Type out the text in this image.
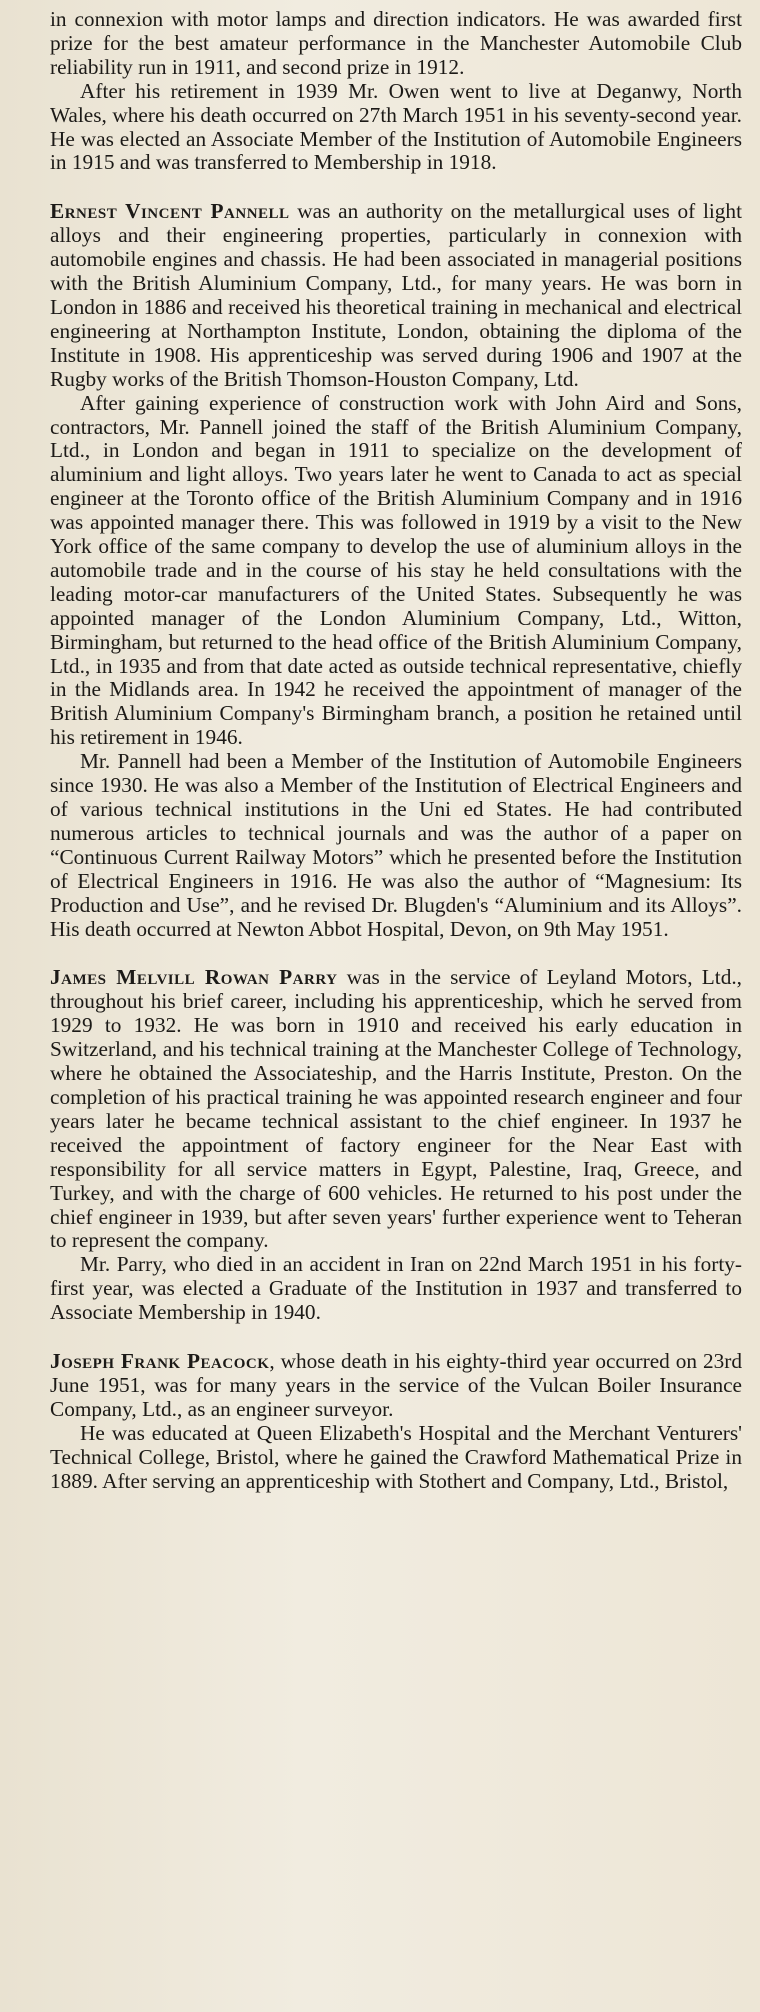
in connexion with motor lamps and direction indicators. He was awarded first prize for the best amateur performance in the Manchester Automobile Club reliability run in 1911, and second prize in 1912.

After his retirement in 1939 Mr. Owen went to live at Deganwy, North Wales, where his death occurred on 27th March 1951 in his seventy-second year. He was elected an Associate Member of the Institution of Automobile Engineers in 1915 and was transferred to Membership in 1918.

Ernest Vincent Pannell was an authority on the metallurgical uses of light alloys and their engineering properties, particularly in connexion with automobile engines and chassis. He had been associated in managerial positions with the British Aluminium Company, Ltd., for many years. He was born in London in 1886 and received his theoretical training in mechanical and electrical engineering at Northampton Institute, London, obtaining the diploma of the Institute in 1908. His apprenticeship was served during 1906 and 1907 at the Rugby works of the British Thomson-Houston Company, Ltd.

After gaining experience of construction work with John Aird and Sons, contractors, Mr. Pannell joined the staff of the British Aluminium Company, Ltd., in London and began in 1911 to specialize on the development of aluminium and light alloys. Two years later he went to Canada to act as special engineer at the Toronto office of the British Aluminium Company and in 1916 was appointed manager there. This was followed in 1919 by a visit to the New York office of the same company to develop the use of aluminium alloys in the automobile trade and in the course of his stay he held consultations with the leading motor-car manufacturers of the United States. Subsequently he was appointed manager of the London Aluminium Company, Ltd., Witton, Birmingham, but returned to the head office of the British Aluminium Company, Ltd., in 1935 and from that date acted as outside technical representative, chiefly in the Midlands area. In 1942 he received the appointment of manager of the British Aluminium Company's Birmingham branch, a position he retained until his retirement in 1946.

Mr. Pannell had been a Member of the Institution of Automobile Engineers since 1930. He was also a Member of the Institution of Electrical Engineers and of various technical institutions in the Uni ed States. He had contributed numerous articles to technical journals and was the author of a paper on “Continuous Current Railway Motors” which he presented before the Institution of Electrical Engineers in 1916. He was also the author of “Magnesium: Its Production and Use”, and he revised Dr. Blugden's “Aluminium and its Alloys”. His death occurred at Newton Abbot Hospital, Devon, on 9th May 1951.

James Melvill Rowan Parry was in the service of Leyland Motors, Ltd., throughout his brief career, including his apprenticeship, which he served from 1929 to 1932. He was born in 1910 and received his early education in Switzerland, and his technical training at the Manchester College of Technology, where he obtained the Associateship, and the Harris Institute, Preston. On the completion of his practical training he was appointed research engineer and four years later he became technical assistant to the chief engineer. In 1937 he received the appointment of factory engineer for the Near East with responsibility for all service matters in Egypt, Palestine, Iraq, Greece, and Turkey, and with the charge of 600 vehicles. He returned to his post under the chief engineer in 1939, but after seven years' further experience went to Teheran to represent the company.

Mr. Parry, who died in an accident in Iran on 22nd March 1951 in his forty-first year, was elected a Graduate of the Institution in 1937 and transferred to Associate Membership in 1940.

Joseph Frank Peacock, whose death in his eighty-third year occurred on 23rd June 1951, was for many years in the service of the Vulcan Boiler Insurance Company, Ltd., as an engineer surveyor.

He was educated at Queen Elizabeth's Hospital and the Merchant Venturers' Technical College, Bristol, where he gained the Crawford Mathematical Prize in 1889. After serving an apprenticeship with Stothert and Company, Ltd., Bristol,
